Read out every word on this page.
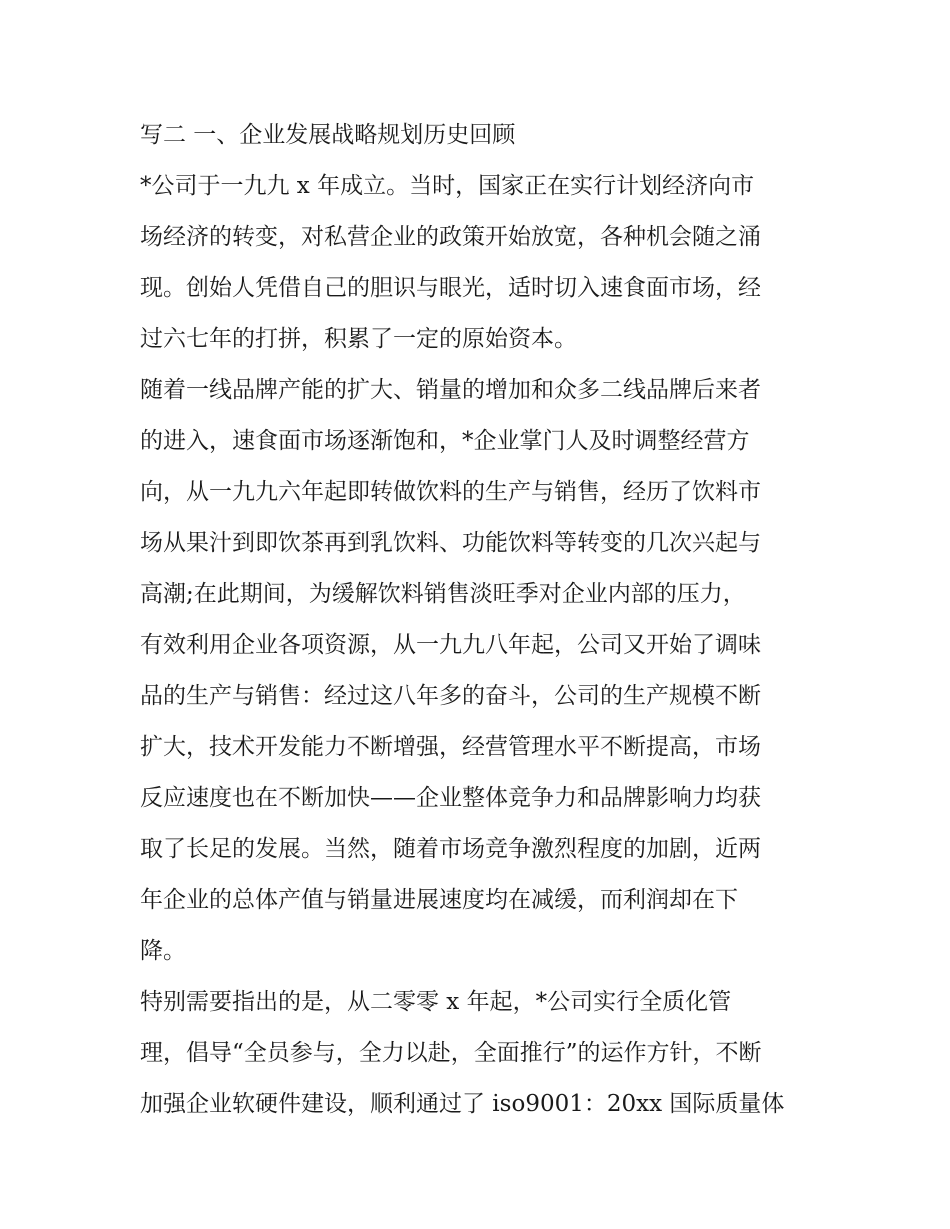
写二 一、企业发展战略规划历史回顾
*公司于一九九 x 年成立。当时，国家正在实行计划经济向市
场经济的转变，对私营企业的政策开始放宽，各种机会随之涌
现。创始人凭借自己的胆识与眼光，适时切入速食面市场，经
过六七年的打拼，积累了一定的原始资本。
随着一线品牌产能的扩大、销量的增加和众多二线品牌后来者
的进入，速食面市场逐渐饱和，*企业掌门人及时调整经营方
向，从一九九六年起即转做饮料的生产与销售，经历了饮料市
场从果汁到即饮茶再到乳饮料、功能饮料等转变的几次兴起与
高潮;在此期间，为缓解饮料销售淡旺季对企业内部的压力，
有效利用企业各项资源，从一九九八年起，公司又开始了调味
品的生产与销售：经过这八年多的奋斗，公司的生产规模不断
扩大，技术开发能力不断增强，经营管理水平不断提高，市场
反应速度也在不断加快——企业整体竞争力和品牌影响力均获
取了长足的发展。当然，随着市场竞争激烈程度的加剧，近两
年企业的总体产值与销量进展速度均在减缓，而利润却在下
降。
特别需要指出的是，从二零零 x 年起，*公司实行全质化管
理，倡导“全员参与，全力以赴，全面推行”的运作方针，不断
加强企业软硬件建设，顺利通过了 iso9001：20xx 国际质量体
